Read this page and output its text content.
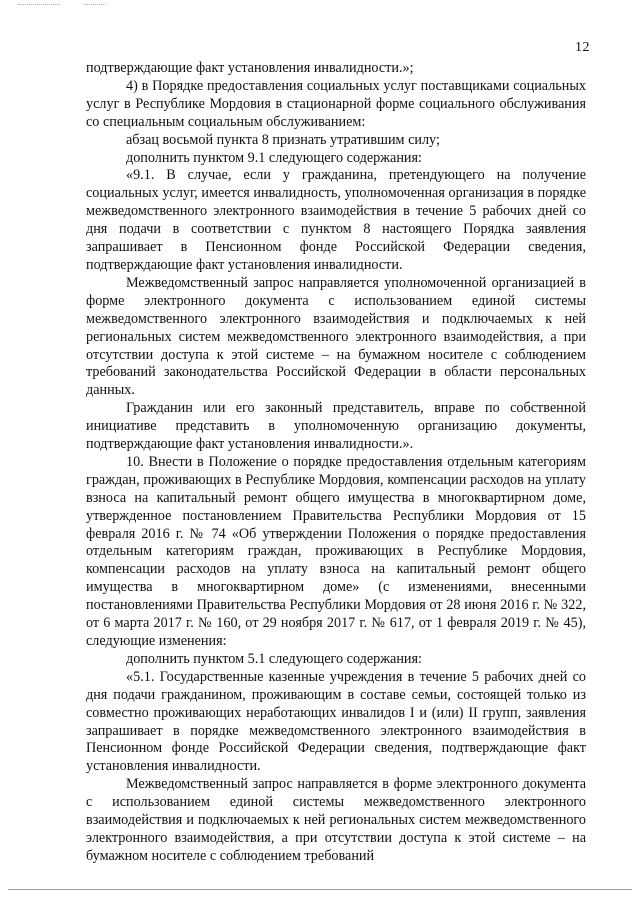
12

подтверждающие факт установления инвалидности.»;

4) в Порядке предоставления социальных услуг поставщиками социальных услуг в Республике Мордовия в стационарной форме социального обслуживания со специальным социальным обслуживанием:

абзац восьмой пункта 8 признать утратившим силу;

дополнить пунктом 9.1 следующего содержания:

«9.1. В случае, если у гражданина, претендующего на получение социальных услуг, имеется инвалидность, уполномоченная организация в порядке межведомственного электронного взаимодействия в течение 5 рабочих дней со дня подачи в соответствии с пунктом 8 настоящего Порядка заявления запрашивает в Пенсионном фонде Российской Федерации сведения, подтверждающие факт установления инвалидности.

Межведомственный запрос направляется уполномоченной организацией в форме электронного документа с использованием единой системы межведомственного электронного взаимодействия и подключаемых к ней региональных систем межведомственного электронного взаимодействия, а при отсутствии доступа к этой системе – на бумажном носителе с соблюдением требований законодательства Российской Федерации в области персональных данных.

Гражданин или его законный представитель, вправе по собственной инициативе представить в уполномоченную организацию документы, подтверждающие факт установления инвалидности.».

10. Внести в Положение о порядке предоставления отдельным категориям граждан, проживающих в Республике Мордовия, компенсации расходов на уплату взноса на капитальный ремонт общего имущества в многоквартирном доме, утвержденное постановлением Правительства Республики Мордовия от 15 февраля 2016 г. № 74 «Об утверждении Положения о порядке предоставления отдельным категориям граждан, проживающих в Республике Мордовия, компенсации расходов на уплату взноса на капитальный ремонт общего имущества в многоквартирном доме» (с изменениями, внесенными постановлениями Правительства Республики Мордовия от 28 июня 2016 г. № 322, от 6 марта 2017 г. № 160, от 29 ноября 2017 г. № 617, от 1 февраля 2019 г. № 45), следующие изменения:

дополнить пунктом 5.1 следующего содержания:

«5.1. Государственные казенные учреждения в течение 5 рабочих дней со дня подачи гражданином, проживающим в составе семьи, состоящей только из совместно проживающих неработающих инвалидов I и (или) II групп, заявления запрашивает в порядке межведомственного электронного взаимодействия в Пенсионном фонде Российской Федерации сведения, подтверждающие факт установления инвалидности.

Межведомственный запрос направляется в форме электронного документа с использованием единой системы межведомственного электронного взаимодействия и подключаемых к ней региональных систем межведомственного электронного взаимодействия, а при отсутствии доступа к этой системе – на бумажном носителе с соблюдением требований
